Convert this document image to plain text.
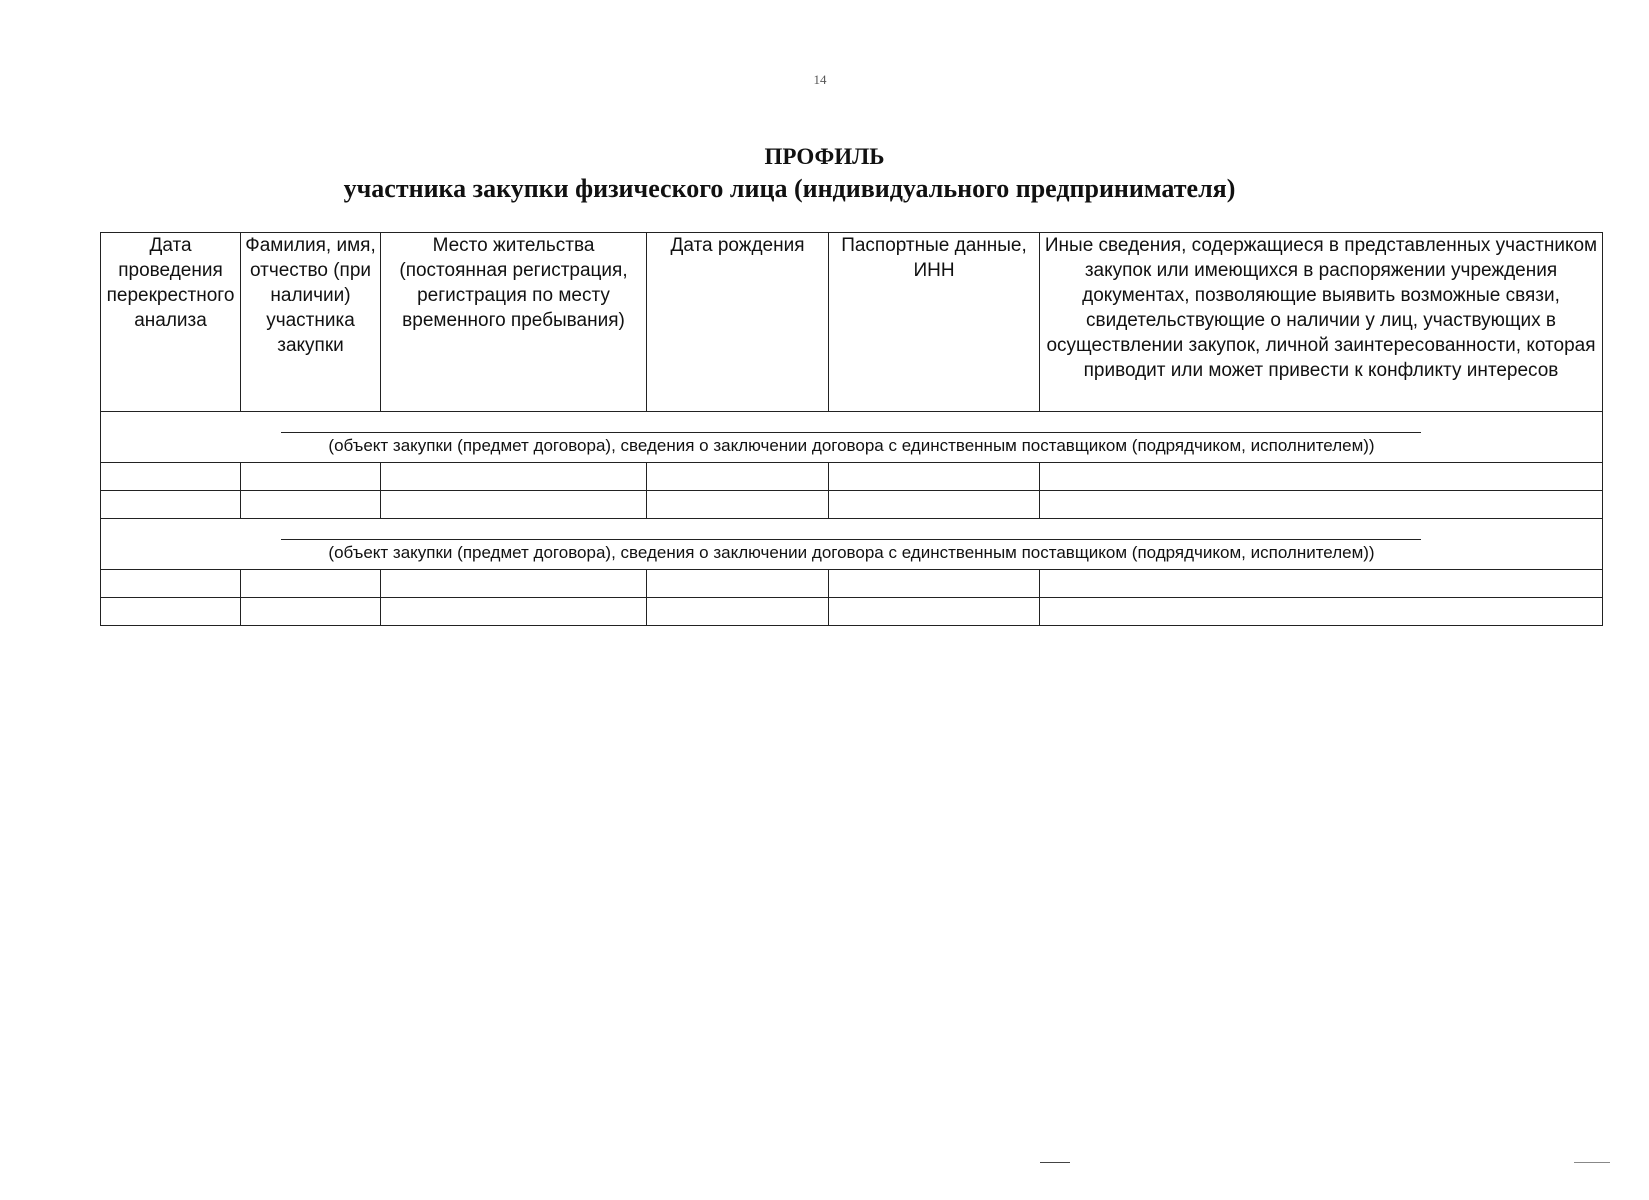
14
ПРОФИЛЬ
участника закупки физического лица (индивидуального предпринимателя)
Дата проведения перекрестного анализа	Фамилия, имя, отчество (при наличии) участника закупки	Место жительства (постоянная регистрация, регистрация по месту временного пребывания)	Дата рождения	Паспортные данные, ИНН	Иные сведения, содержащиеся в представленных участником закупок или имеющихся в распоряжении учреждения документах, позволяющие выявить возможные связи, свидетельствующие о наличии у лиц, участвующих в осуществлении закупок, личной заинтересованности, которая приводит или может привести к конфликту интересов

(объект закупки (предмет договора), сведения о заключении договора с единственным поставщиком (подрядчиком, исполнителем))					

(объект закупки (предмет договора), сведения о заключении договора с единственным поставщиком (подрядчиком, исполнителем))					
